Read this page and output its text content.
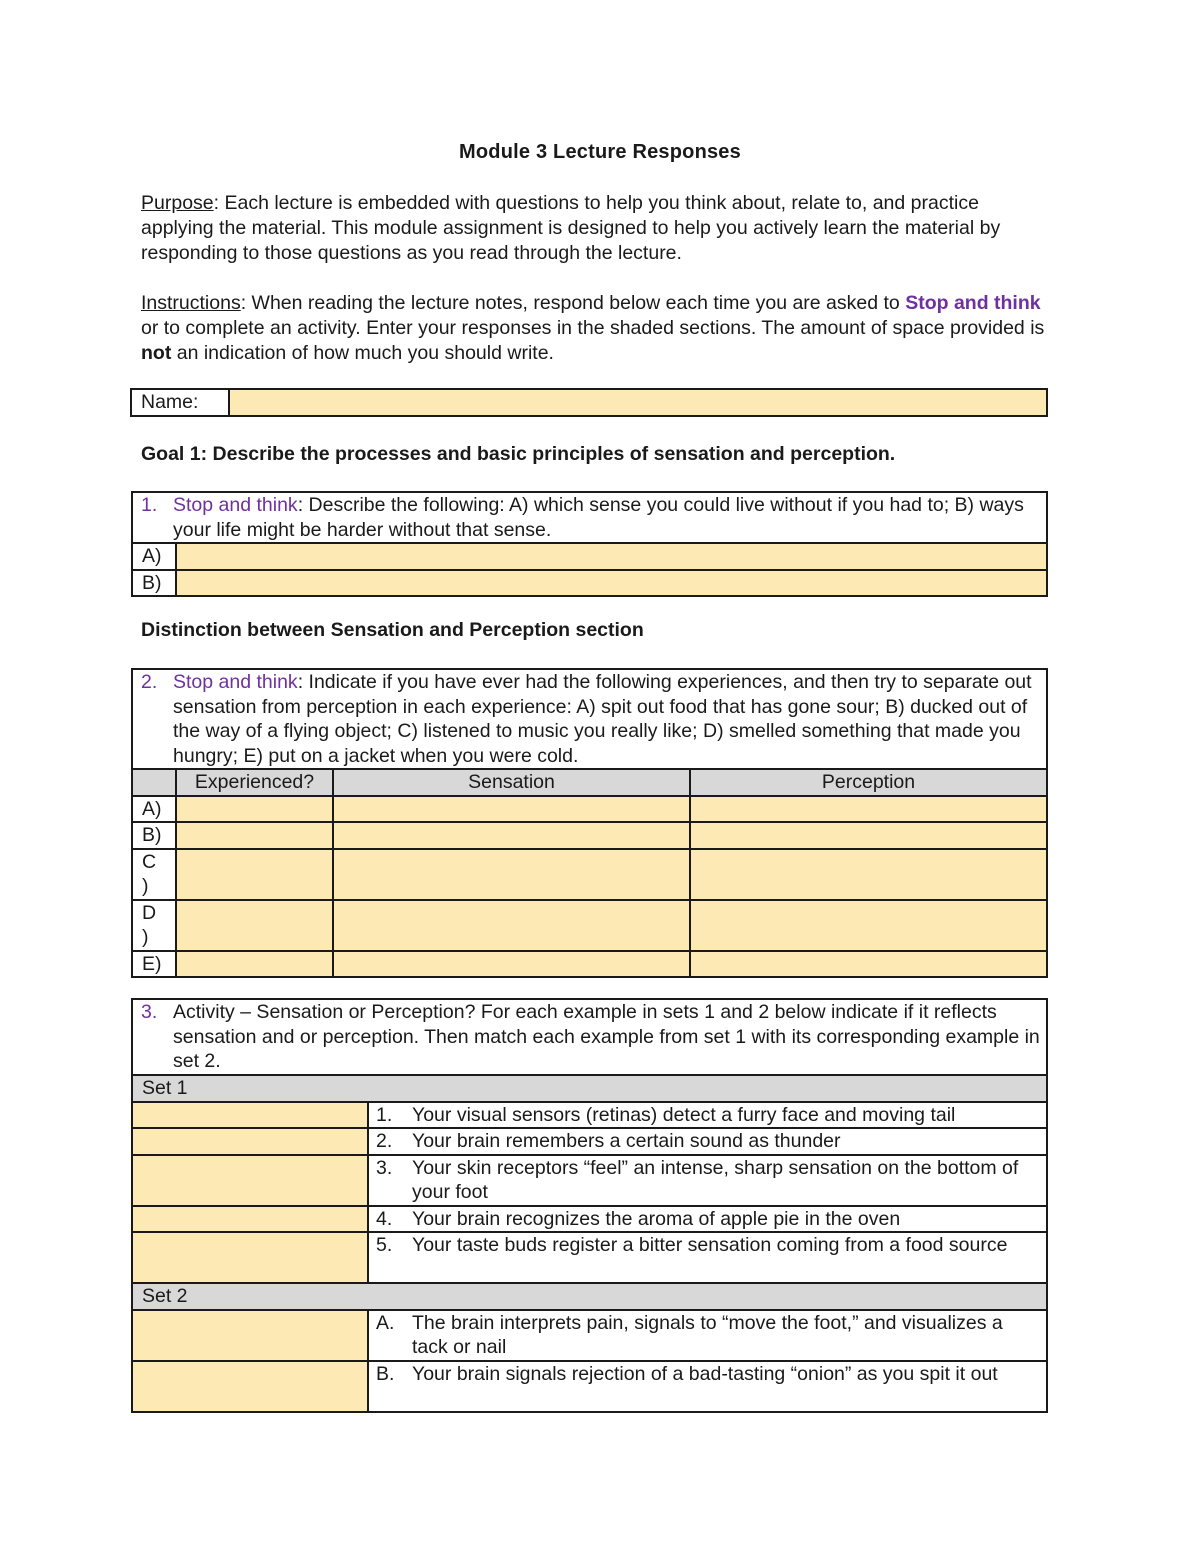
Module 3 Lecture Responses
Purpose: Each lecture is embedded with questions to help you think about, relate to, and practice applying the material. This module assignment is designed to help you actively learn the material by responding to those questions as you read through the lecture.
Instructions: When reading the lecture notes, respond below each time you are asked to Stop and think or to complete an activity. Enter your responses in the shaded sections. The amount of space provided is not an indication of how much you should write.
Name:	
Goal 1: Describe the processes and basic principles of sensation and perception.
1. Stop and think: Describe the following: A) which sense you could live without if you had to; B) ways your life might be harder without that sense.	

A)	
B)	
Distinction between Sensation and Perception section
2. Stop and think: Indicate if you have ever had the following experiences, and then try to separate out sensation from perception in each experience: A) spit out food that has gone sour; B) ducked out of the way of a flying object; C) listened to music you really like; D) smelled something that made you hungry; E) put on a jacket when you were cold.			

	Experienced?	Sensation	Perception
A)			
B)			
C )			
D )			
E)			
3. Activity – Sensation or Perception? For each example in sets 1 and 2 below indicate if it reflects sensation and or perception. Then match each example from set 1 with its corresponding example in set 2.	

Set 1	

	1. Your visual sensors (retinas) detect a furry face and moving tail

	2. Your brain remembers a certain sound as thunder

	3. Your skin receptors “feel” an intense, sharp sensation on the bottom of your foot

	4. Your brain recognizes the aroma of apple pie in the oven

	5. Your taste buds register a bitter sensation coming from a food source

Set 2	

	A. The brain interprets pain, signals to “move the foot,” and visualizes a tack or nail

	B. Your brain signals rejection of a bad-tasting “onion” as you spit it out
